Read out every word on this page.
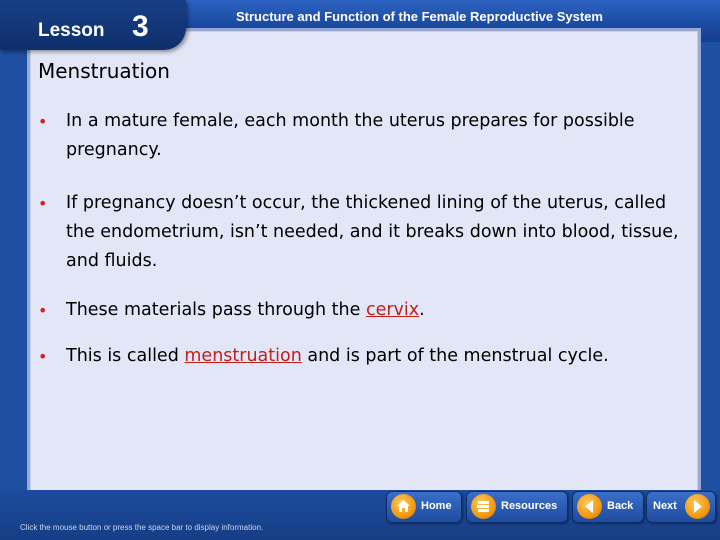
Lesson 3	Structure and Function of the Female Reproductive System
Menstruation
• In a mature female, each month the uterus prepares for possible pregnancy.
• If pregnancy doesn’t occur, the thickened lining of the uterus, called the endometrium, isn’t needed, and it breaks down into blood, tissue, and fluids.
• These materials pass through the cervix.
• This is called menstruation and is part of the menstrual cycle.
Click the mouse button or press the space bar to display information.
Home	Resources	Back Next
